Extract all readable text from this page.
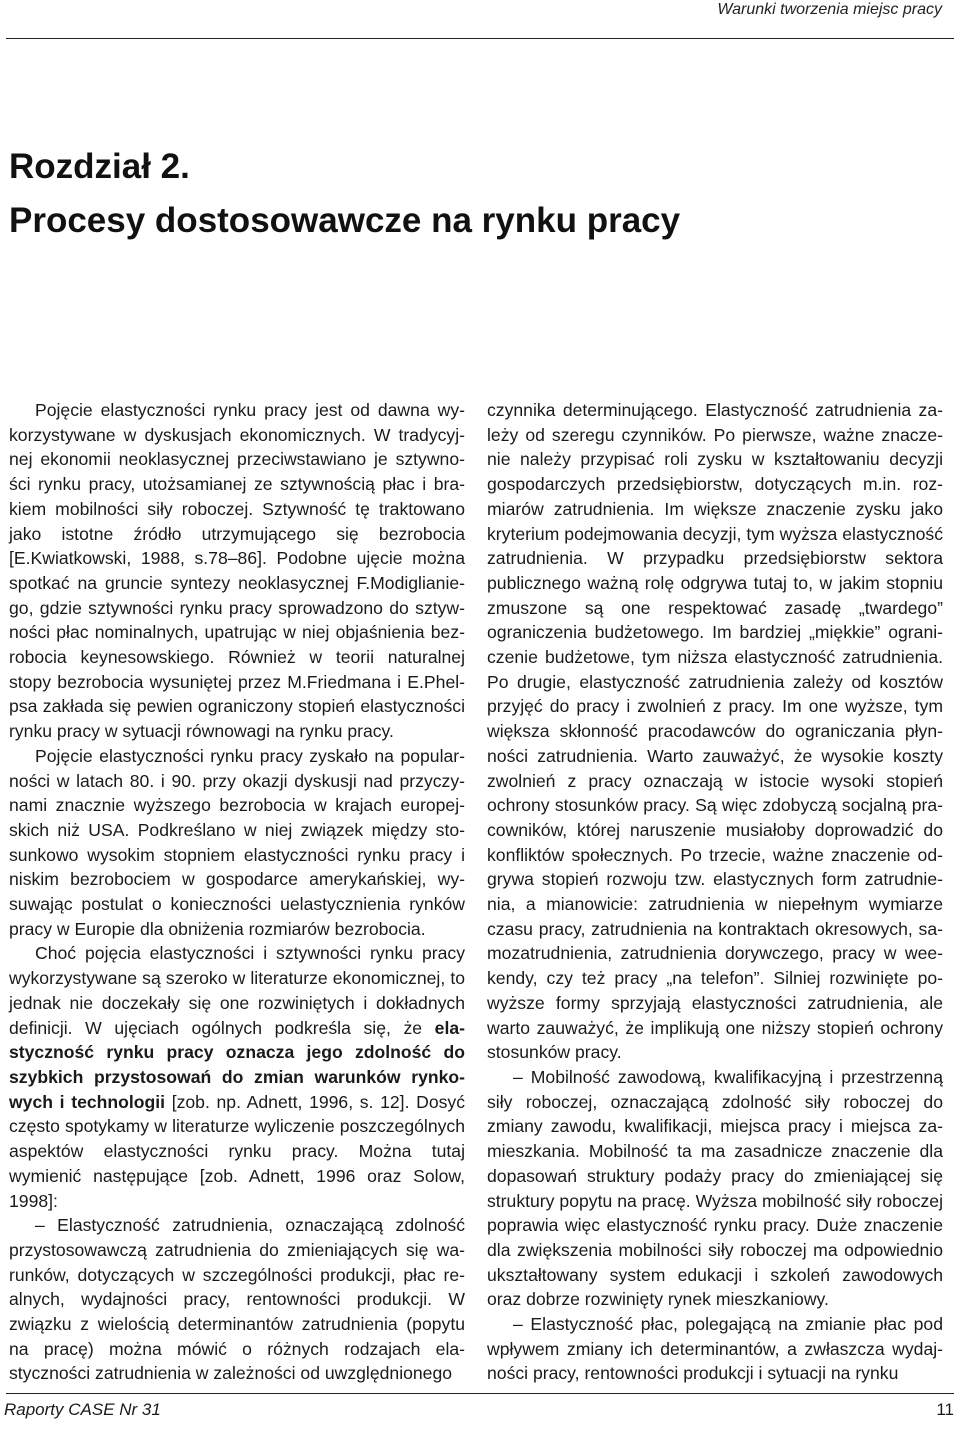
Warunki tworzenia miejsc pracy
Rozdział 2.
Procesy dostosowawcze na rynku pracy

Pojęcie elastyczności rynku pracy jest od dawna wykorzystywane w dyskusjach ekonomicznych. W tradycyjnej ekonomii neoklasycznej przeciwstawiano je sztywności rynku pracy, utożsamianej ze sztywnością płac i brakiem mobilności siły roboczej. Sztywność tę traktowano jako istotne źródło utrzymującego się bezrobocia [E.Kwiatkowski, 1988, s.78–86]. Podobne ujęcie można spotkać na gruncie syntezy neoklasycznej F.Modiglianiego, gdzie sztywności rynku pracy sprowadzono do sztywności płac nominalnych, upatrując w niej objaśnienia bezrobocia keynesowskiego. Również w teorii naturalnej stopy bezrobocia wysuniętej przez M.Friedmana i E.Phelpsa zakłada się pewien ograniczony stopień elastyczności rynku pracy w sytuacji równowagi na rynku pracy.

Pojęcie elastyczności rynku pracy zyskało na popularności w latach 80. i 90. przy okazji dyskusji nad przyczynami znacznie wyższego bezrobocia w krajach europejskich niż USA. Podkreślano w niej związek między stosunkowo wysokim stopniem elastyczności rynku pracy i niskim bezrobociem w gospodarce amerykańskiej, wysuwając postulat o konieczności uelastycznienia rynków pracy w Europie dla obniżenia rozmiarów bezrobocia.

Choć pojęcia elastyczności i sztywności rynku pracy wykorzystywane są szeroko w literaturze ekonomicznej, to jednak nie doczekały się one rozwiniętych i dokładnych definicji. W ujęciach ogólnych podkreśla się, że elastyczność rynku pracy oznacza jego zdolność do szybkich przystosowań do zmian warunków rynkowych i technologii [zob. np. Adnett, 1996, s. 12]. Dosyć często spotykamy w literaturze wyliczenie poszczególnych aspektów elastyczności rynku pracy. Można tutaj wymienić następujące [zob. Adnett, 1996 oraz Solow, 1998]:

– Elastyczność zatrudnienia, oznaczającą zdolność przystosowawczą zatrudnienia do zmieniających się warunków, dotyczących w szczególności produkcji, płac realnych, wydajności pracy, rentowności produkcji. W związku z wielością determinantów zatrudnienia (popytu na pracę) można mówić o różnych rodzajach elastyczności zatrudnienia w zależności od uwzględnionego

czynnika determinującego. Elastyczność zatrudnienia zależy od szeregu czynników. Po pierwsze, ważne znaczenie należy przypisać roli zysku w kształtowaniu decyzji gospodarczych przedsiębiorstw, dotyczących m.in. rozmiarów zatrudnienia. Im większe znaczenie zysku jako kryterium podejmowania decyzji, tym wyższa elastyczność zatrudnienia. W przypadku przedsiębiorstw sektora publicznego ważną rolę odgrywa tutaj to, w jakim stopniu zmuszone są one respektować zasadę „twardego” ograniczenia budżetowego. Im bardziej „miękkie” ograniczenie budżetowe, tym niższa elastyczność zatrudnienia. Po drugie, elastyczność zatrudnienia zależy od kosztów przyjęć do pracy i zwolnień z pracy. Im one wyższe, tym większa skłonność pracodawców do ograniczania płynności zatrudnienia. Warto zauważyć, że wysokie koszty zwolnień z pracy oznaczają w istocie wysoki stopień ochrony stosunków pracy. Są więc zdobyczą socjalną pracowników, której naruszenie musiałoby doprowadzić do konfliktów społecznych. Po trzecie, ważne znaczenie odgrywa stopień rozwoju tzw. elastycznych form zatrudnienia, a mianowicie: zatrudnienia w niepełnym wymiarze czasu pracy, zatrudnienia na kontraktach okresowych, samozatrudnienia, zatrudnienia dorywczego, pracy w weekendy, czy też pracy „na telefon”. Silniej rozwinięte powyższe formy sprzyjają elastyczności zatrudnienia, ale warto zauważyć, że implikują one niższy stopień ochrony stosunków pracy.

– Mobilność zawodową, kwalifikacyjną i przestrzenną siły roboczej, oznaczającą zdolność siły roboczej do zmiany zawodu, kwalifikacji, miejsca pracy i miejsca zamieszkania. Mobilność ta ma zasadnicze znaczenie dla dopasowań struktury podaży pracy do zmieniającej się struktury popytu na pracę. Wyższa mobilność siły roboczej poprawia więc elastyczność rynku pracy. Duże znaczenie dla zwiększenia mobilności siły roboczej ma odpowiednio ukształtowany system edukacji i szkoleń zawodowych oraz dobrze rozwinięty rynek mieszkaniowy.

– Elastyczność płac, polegającą na zmianie płac pod wpływem zmiany ich determinantów, a zwłaszcza wydajności pracy, rentowności produkcji i sytuacji na rynku

Raporty CASE Nr 31	11
